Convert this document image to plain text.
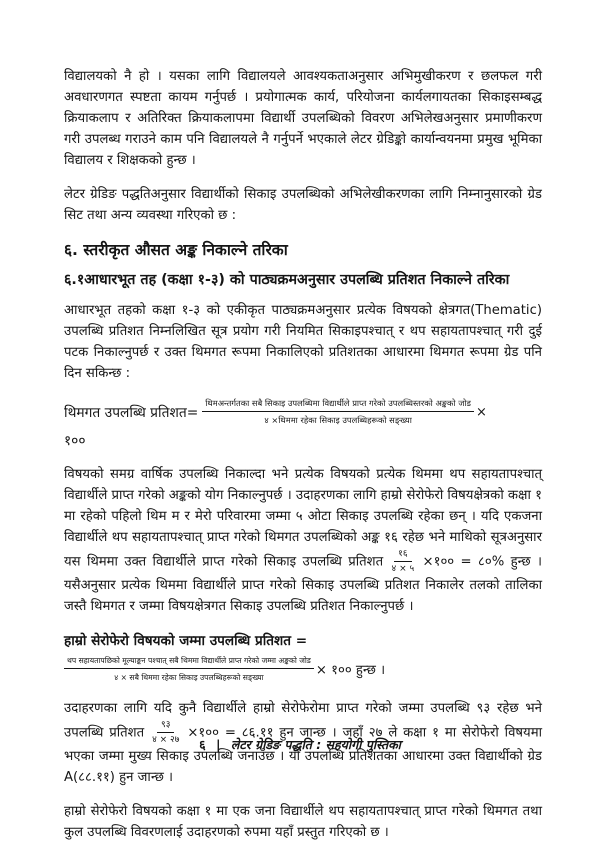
विद्यालयको नै हो । यसका लागि विद्यालयले आवश्यकताअनुसार अभिमुखीकरण र छलफल गरी अवधारणगत स्पष्टता कायम गर्नुपर्छ । प्रयोगात्मक कार्य, परियोजना कार्यलगायतका सिकाइसम्बद्ध क्रियाकलाप र अतिरिक्त क्रियाकलापमा विद्यार्थी उपलब्धिको विवरण अभिलेखअनुसार प्रमाणीकरण गरी उपलब्ध गराउने काम पनि विद्यालयले नै गर्नुपर्ने भएकाले लेटर ग्रेडिङ्को कार्यान्वयनमा प्रमुख भूमिका विद्यालय र शिक्षकको हुन्छ ।

लेटर ग्रेडिङ पद्धतिअनुसार विद्यार्थीको सिकाइ उपलब्धिको अभिलेखीकरणका लागि निम्नानुसारको ग्रेड सिट तथा अन्य व्यवस्था गरिएको छ :

६. स्तरीकृत औसत अङ्क निकाल्ने तरिका
६.१आधारभूत तह (कक्षा १-३) को पाठ्यक्रमअनुसार उपलब्धि प्रतिशत निकाल्ने तरिका

आधारभूत तहको कक्षा १-३ को एकीकृत पाठ्यक्रमअनुसार प्रत्येक विषयको क्षेत्रगत(Thematic) उपलब्धि प्रतिशत निम्नलिखित सूत्र प्रयोग गरी नियमित सिकाइपश्चात् र थप सहायतापश्चात् गरी दुई पटक निकाल्नुपर्छ र उक्त थिमगत रूपमा निकालिएको प्रतिशतका आधारमा थिमगत रूपमा ग्रेड पनि दिन सकिन्छ :

थिमगत उपलब्धि प्रतिशत=
थिमअन्तर्गतका सबै सिकाइ उपलब्धिमा विद्यार्थीले प्राप्त गरेको उपलब्धिस्तरको अङ्कको जोड
४ ×थिममा रहेका सिकाइ उपलब्धिहरूको सङ्ख्या
×
१००

विषयको समग्र वार्षिक उपलब्धि निकाल्दा भने प्रत्येक विषयको प्रत्येक थिममा थप सहायतापश्चात् विद्यार्थीले प्राप्त गरेको अङ्कको योग निकाल्नुपर्छ । उदाहरणका लागि हाम्रो सेरोफेरो विषयक्षेत्रको कक्षा १ मा रहेको पहिलो थिम म र मेरो परिवारमा जम्मा ५ ओटा सिकाइ उपलब्धि रहेका छन् । यदि एकजना विद्यार्थीले थप सहायतापश्चात् प्राप्त गरेको थिमगत उपलब्धिको अङ्क १६ रहेछ भने माथिको सूत्रअनुसार यस थिममा उक्त विद्यार्थीले प्राप्त गरेको सिकाइ उपलब्धि प्रतिशत $\frac{१६}{४ \times ५}$ ×१०० = ८०% हुन्छ । यसैअनुसार प्रत्येक थिममा विद्यार्थीले प्राप्त गरेको सिकाइ उपलब्धि प्रतिशत निकालेर तलको तालिका जस्तै थिमगत र जम्मा विषयक्षेत्रगत सिकाइ उपलब्धि प्रतिशत निकाल्नुपर्छ ।

हाम्रो सेरोफेरो विषयको जम्मा उपलब्धि प्रतिशत =
थप सहायतापछिको मूल्याङ्कन पश्चात् सबै थिममा विद्यार्थीले प्राप्त गरेको जम्मा अङ्कको जोड
४ × सबै थिममा रहेका सिकाइ उपलब्धिहरूको सङ्ख्या	× १०० हुन्छ ।

उदाहरणका लागि यदि कुनै विद्यार्थीले हाम्रो सेरोफेरोमा प्राप्त गरेको जम्मा उपलब्धि ९३ रहेछ भने उपलब्धि प्रतिशत $\frac{९३}{४ \times २७}$ ×१०० = ८६.११ हुन जान्छ । जहाँ २७ ले कक्षा १ मा सेरोफेरो विषयमा भएका जम्मा मुख्य सिकाइ उपलब्धि जनाउँछ । यो उपलब्धि प्रतिशतका आधारमा उक्त विद्यार्थीको ग्रेड A(८८.११) हुन जान्छ ।

हाम्रो सेरोफेरो विषयको कक्षा १ मा एक जना विद्यार्थीले थप सहायतापश्चात् प्राप्त गरेको थिमगत तथा कुल उपलब्धि विवरणलाई उदाहरणको रुपमा यहाँ प्रस्तुत गरिएको छ ।

६ | लेटर ग्रेडिङ पद्धति : सहयोगी पुस्तिका
